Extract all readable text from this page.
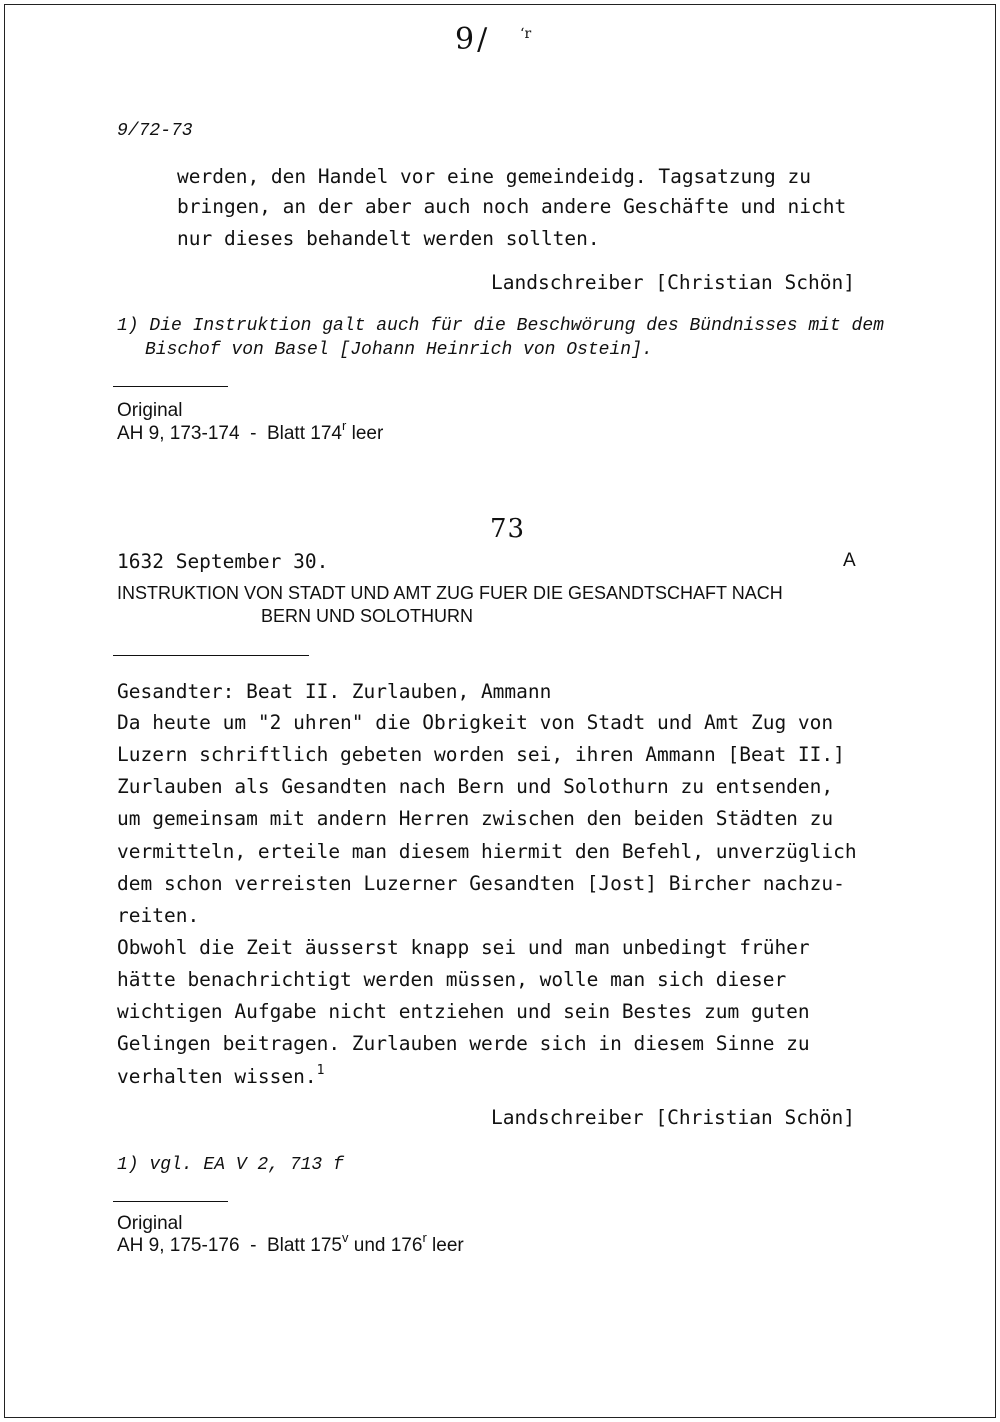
9/ ‘r
9/72-73
werden, den Handel vor eine gemeindeidg. Tagsatzung zu
bringen, an der aber auch noch andere Geschäfte und nicht
nur dieses behandelt werden sollten.
Landschreiber [Christian Schön]
1) Die Instruktion galt auch für die Beschwörung des Bündnisses mit dem
Bischof von Basel [Johann Heinrich von Ostein].
Original
AH 9, 173-174  -  Blatt 174$^r$ leer
73
1632 September 30.	A
INSTRUKTION VON STADT UND AMT ZUG FUER DIE GESANDTSCHAFT NACH
BERN UND SOLOTHURN
Gesandter: Beat II. Zurlauben, Ammann
Da heute um "2 uhren" die Obrigkeit von Stadt und Amt Zug von
Luzern schriftlich gebeten worden sei, ihren Ammann [Beat II.]
Zurlauben als Gesandten nach Bern und Solothurn zu entsenden,
um gemeinsam mit andern Herren zwischen den beiden Städten zu
vermitteln, erteile man diesem hiermit den Befehl, unverzüglich
dem schon verreisten Luzerner Gesandten [Jost] Bircher nachzu-
reiten.
Obwohl die Zeit äusserst knapp sei und man unbedingt früher
hätte benachrichtigt werden müssen, wolle man sich dieser
wichtigen Aufgabe nicht entziehen und sein Bestes zum guten
Gelingen beitragen. Zurlauben werde sich in diesem Sinne zu
verhalten wissen.$^1$
Landschreiber [Christian Schön]
1) vgl. EA V 2, 713 f
Original
AH 9, 175-176  -  Blatt 175$^v$ und 176$^r$ leer
